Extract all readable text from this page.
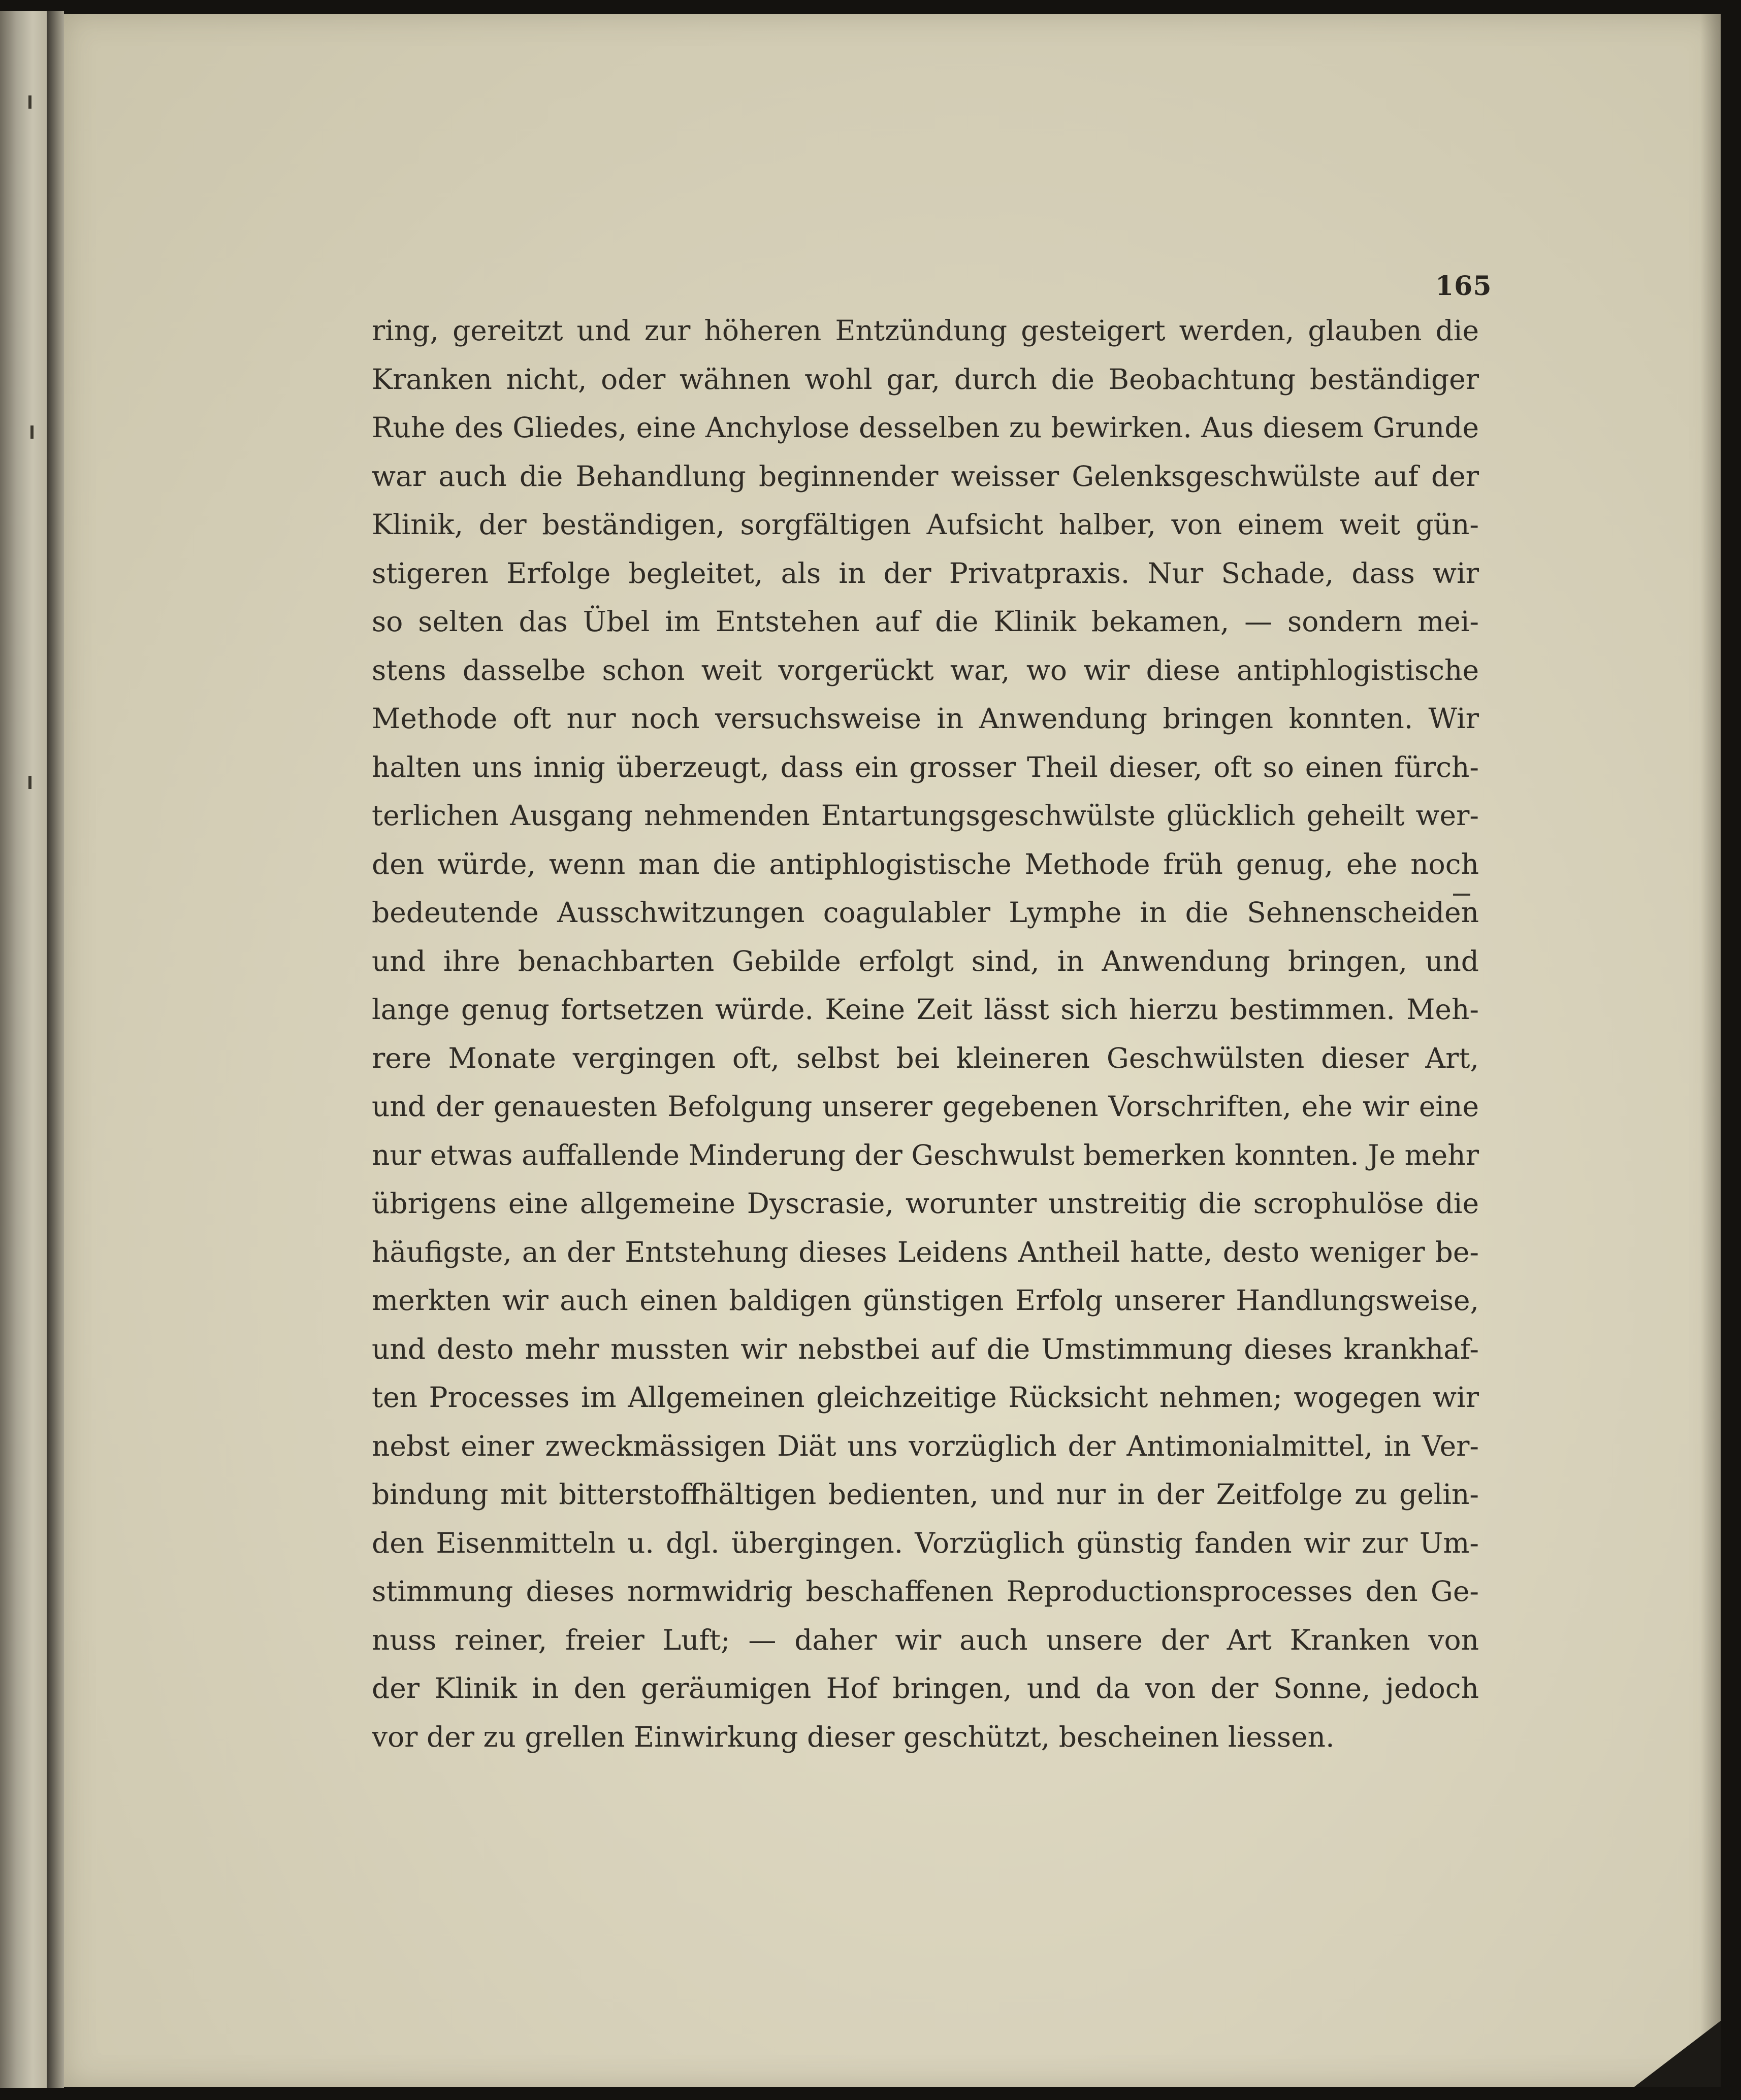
165
ring, gereitzt und zur höheren Entzündung gesteigert werden, glauben die
Kranken nicht, oder wähnen wohl gar, durch die Beobachtung beständiger
Ruhe des Gliedes, eine Anchylose desselben zu bewirken. Aus diesem Grunde
war auch die Behandlung beginnender weisser Gelenksgeschwülste auf der
Klinik, der beständigen, sorgfältigen Aufsicht halber, von einem weit gün-
stigeren Erfolge begleitet, als in der Privatpraxis. Nur Schade, dass wir
so selten das Übel im Entstehen auf die Klinik bekamen, — sondern mei-
stens dasselbe schon weit vorgerückt war, wo wir diese antiphlogistische
Methode oft nur noch versuchsweise in Anwendung bringen konnten. Wir
halten uns innig überzeugt, dass ein grosser Theil dieser, oft so einen fürch-
terlichen Ausgang nehmenden Entartungsgeschwülste glücklich geheilt wer-
den würde, wenn man die antiphlogistische Methode früh genug, ehe noch
bedeutende Ausschwitzungen coagulabler Lymphe in die Sehnenscheiden
und ihre benachbarten Gebilde erfolgt sind, in Anwendung bringen, und
lange genug fortsetzen würde. Keine Zeit lässt sich hierzu bestimmen. Meh-
rere Monate vergingen oft, selbst bei kleineren Geschwülsten dieser Art,
und der genauesten Befolgung unserer gegebenen Vorschriften, ehe wir eine
nur etwas auffallende Minderung der Geschwulst bemerken konnten. Je mehr
übrigens eine allgemeine Dyscrasie, worunter unstreitig die scrophulöse die
häufigste, an der Entstehung dieses Leidens Antheil hatte, desto weniger be-
merkten wir auch einen baldigen günstigen Erfolg unserer Handlungsweise,
und desto mehr mussten wir nebstbei auf die Umstimmung dieses krankhaf-
ten Processes im Allgemeinen gleichzeitige Rücksicht nehmen; wogegen wir
nebst einer zweckmässigen Diät uns vorzüglich der Antimonialmittel, in Ver-
bindung mit bitterstoffhältigen bedienten, und nur in der Zeitfolge zu gelin-
den Eisenmitteln u. dgl. übergingen. Vorzüglich günstig fanden wir zur Um-
stimmung dieses normwidrig beschaffenen Reproductionsprocesses den Ge-
nuss reiner, freier Luft; — daher wir auch unsere der Art Kranken von
der Klinik in den geräumigen Hof bringen, und da von der Sonne, jedoch
vor der zu grellen Einwirkung dieser geschützt, bescheinen liessen.
